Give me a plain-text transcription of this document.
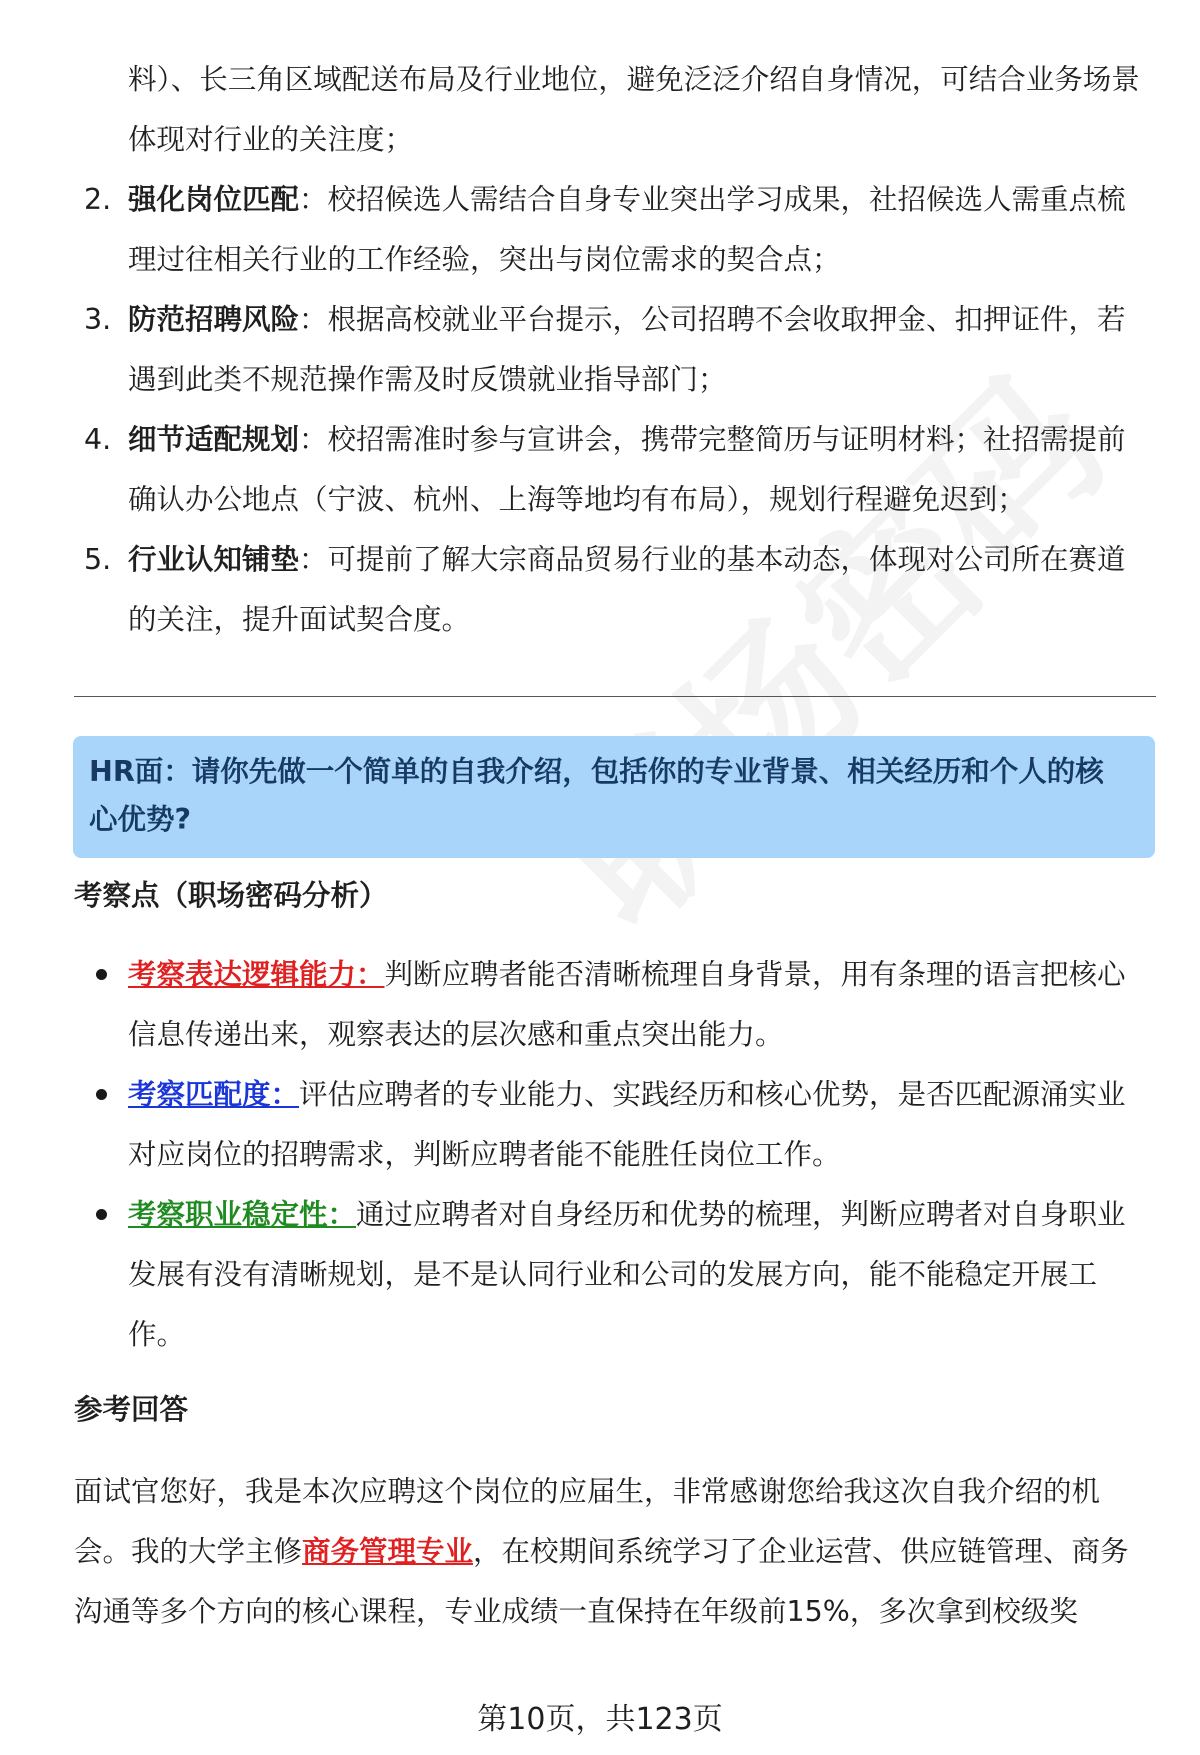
料）、长三角区域配送布局及行业地位，避免泛泛介绍自身情况，可结合业务场景体现对行业的关注度；
2. 强化岗位匹配：校招候选人需结合自身专业突出学习成果，社招候选人需重点梳理过往相关行业的工作经验，突出与岗位需求的契合点；
3. 防范招聘风险：根据高校就业平台提示，公司招聘不会收取押金、扣押证件，若遇到此类不规范操作需及时反馈就业指导部门；
4. 细节适配规划：校招需准时参与宣讲会，携带完整简历与证明材料；社招需提前确认办公地点（宁波、杭州、上海等地均有布局），规划行程避免迟到；
5. 行业认知铺垫：可提前了解大宗商品贸易行业的基本动态，体现对公司所在赛道的关注，提升面试契合度。
HR面：请你先做一个简单的自我介绍，包括你的专业背景、相关经历和个人的核心优势?
考察点（职场密码分析）
考察表达逻辑能力：判断应聘者能否清晰梳理自身背景，用有条理的语言把核心信息传递出来，观察表达的层次感和重点突出能力。
考察匹配度：评估应聘者的专业能力、实践经历和核心优势，是否匹配源涌实业对应岗位的招聘需求，判断应聘者能不能胜任岗位工作。
考察职业稳定性：通过应聘者对自身经历和优势的梳理，判断应聘者对自身职业发展有没有清晰规划，是不是认同行业和公司的发展方向，能不能稳定开展工作。
参考回答
面试官您好，我是本次应聘这个岗位的应届生，非常感谢您给我这次自我介绍的机会。我的大学主修商务管理专业，在校期间系统学习了企业运营、供应链管理、商务沟通等多个方向的核心课程，专业成绩一直保持在年级前15%，多次拿到校级奖
第10页，共123页
